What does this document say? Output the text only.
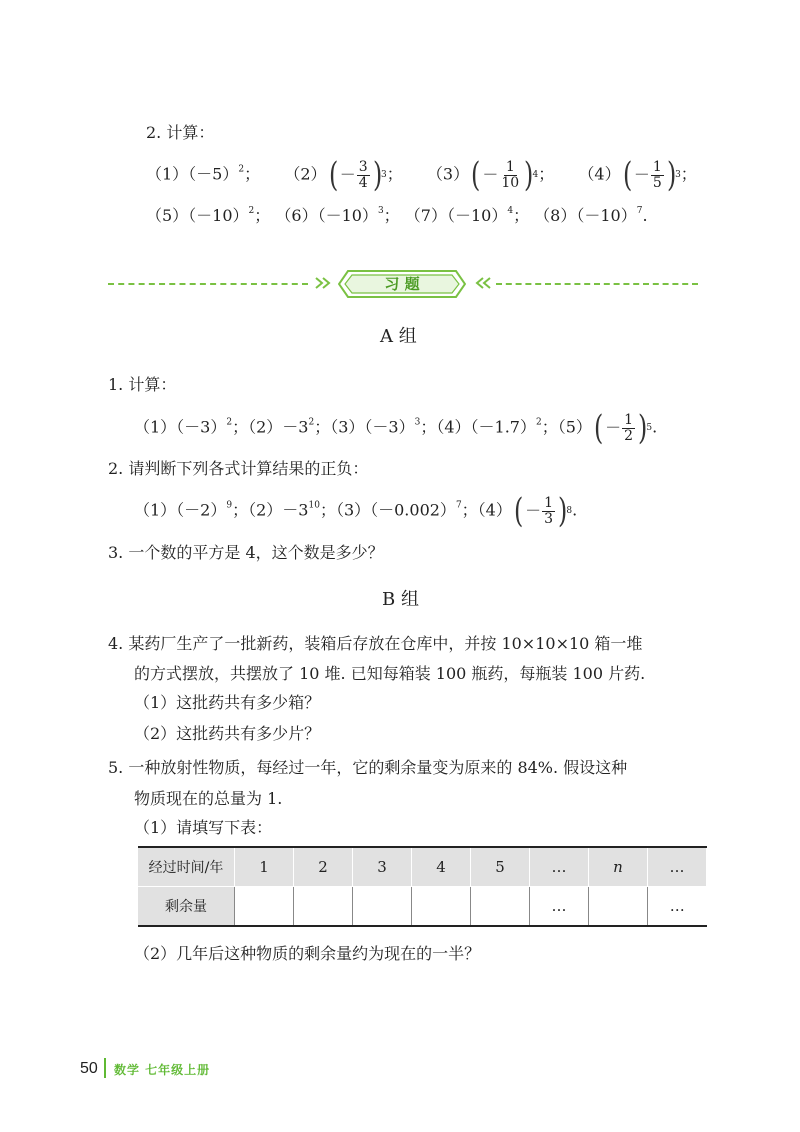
2. 计算：
$(1)(-5)^2$； （2） ( － $\frac{3}{4}$ )
3 ； （3） ( － $\frac{1}{10}$ )
4 ； （4） ( － $\frac{1}{5}$ )
3 ；
$(5)(-10)^2$； $(6)(-10)^3$； $(7)(-10)^4$； $(8)(-10)^7$.
习 题
A 组
1. 计算：
$(1)(-3)^2$；$(2)-3^2$；$(3)(-3)^3$；$(4)(-1.7)^2$；（5） ( － $\frac{1}{2}$ )
5 .
2. 请判断下列各式计算结果的正负：
$(1)(-2)^9$；$(2)-3^{10}$；$(3)(-0.002)^7$；（4） ( － $\frac{1}{3}$ )
8 .
3. 一个数的平方是 4，这个数是多少？
B 组
4. 某药厂生产了一批新药，装箱后存放在仓库中，并按 10×10×10 箱一堆
的方式摆放，共摆放了 10 堆. 已知每箱装 100 瓶药，每瓶装 100 片药.
（1）这批药共有多少箱？
（2）这批药共有多少片？
5. 一种放射性物质，每经过一年，它的剩余量变为原来的 84%. 假设这种
物质现在的总量为 1.
（1）请填写下表：
经过时间/年	1	2	3	4	5	…	n	…
剩余量						…		…
（2）几年后这种物质的剩余量约为现在的一半？
50 数学 七年级上册
